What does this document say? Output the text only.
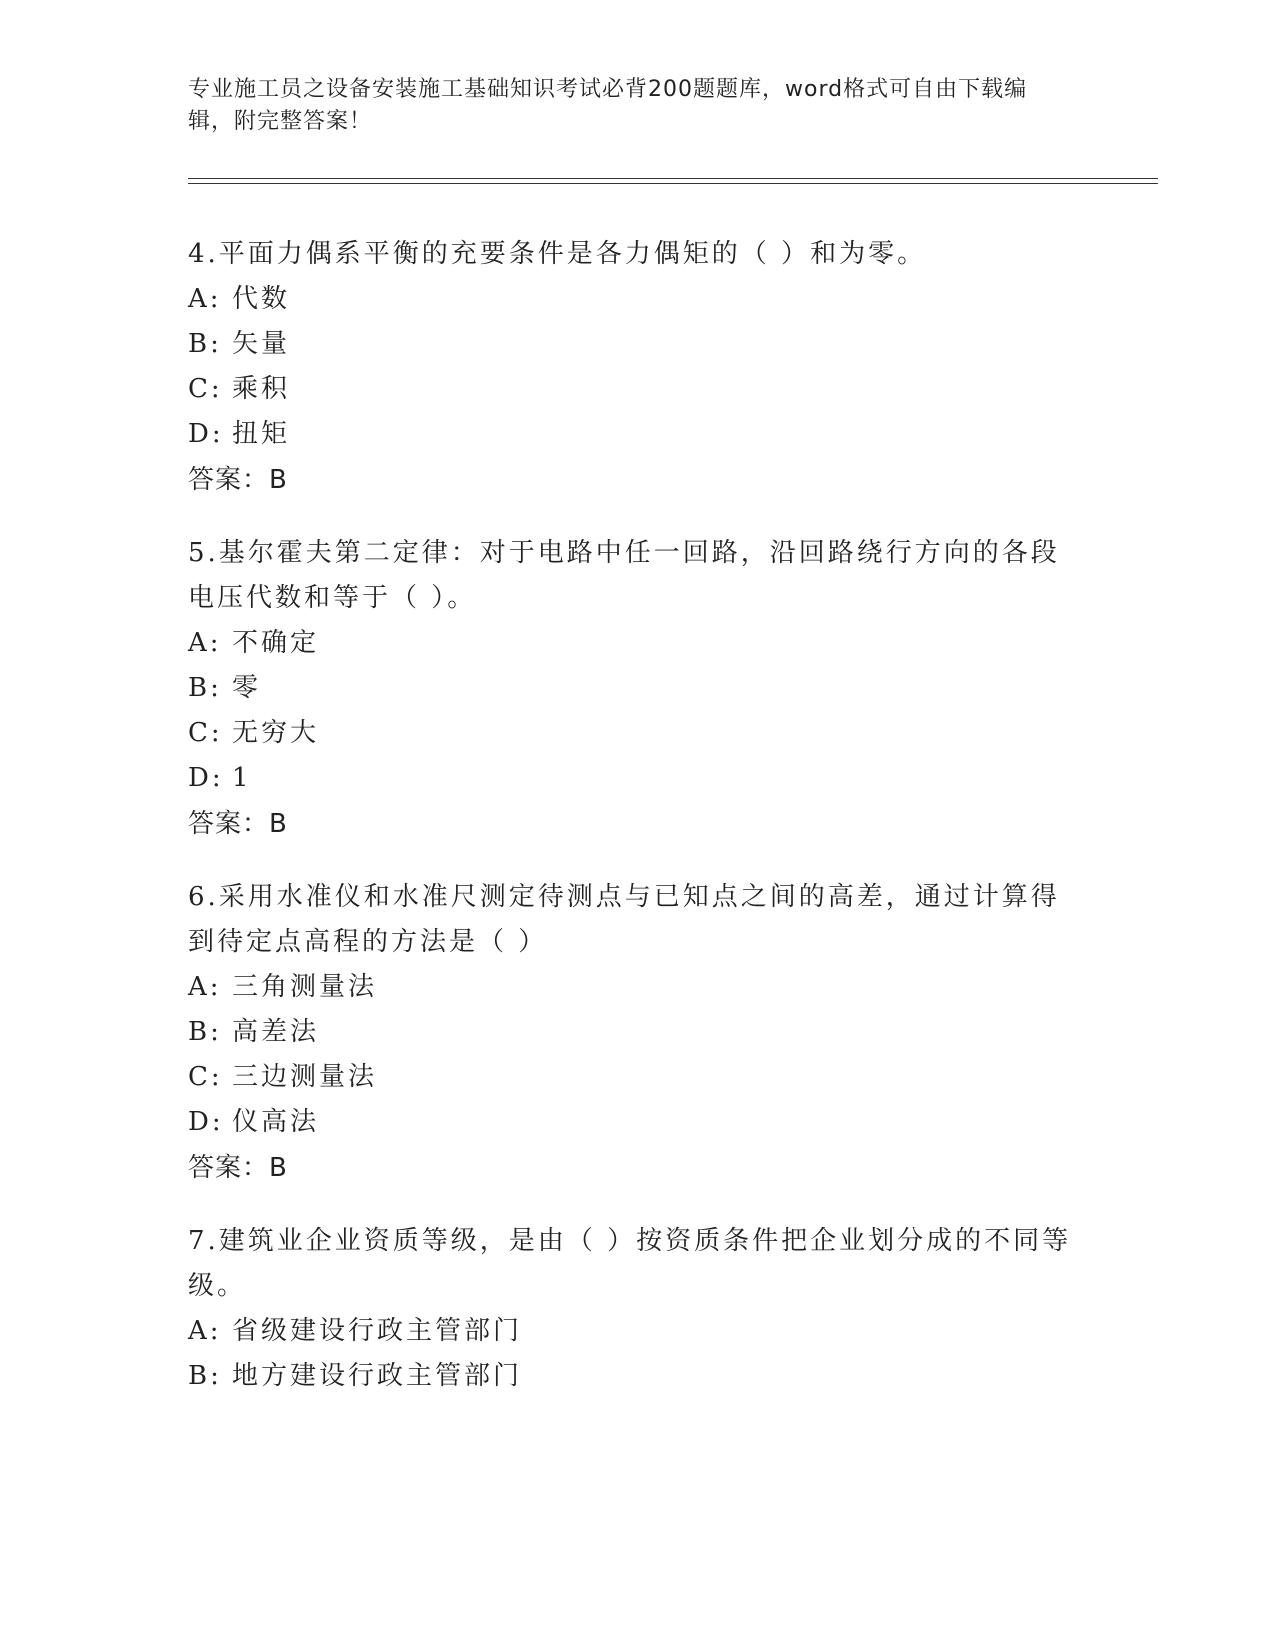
专业施工员之设备安装施工基础知识考试必背200题题库，word格式可自由下载编辑，附完整答案！

4.平面力偶系平衡的充要条件是各力偶矩的（ ）和为零。

A: 代数

B: 矢量

C: 乘积

D: 扭矩

答案：B

5.基尔霍夫第二定律：对于电路中任一回路，沿回路绕行方向的各段电压代数和等于（ ）。

A: 不确定

B: 零

C: 无穷大

D: 1

答案：B

6.采用水准仪和水准尺测定待测点与已知点之间的高差，通过计算得到待定点高程的方法是（ ）

A: 三角测量法

B: 高差法

C: 三边测量法

D: 仪高法

答案：B

7.建筑业企业资质等级，是由（ ）按资质条件把企业划分成的不同等级。

A: 省级建设行政主管部门

B: 地方建设行政主管部门
